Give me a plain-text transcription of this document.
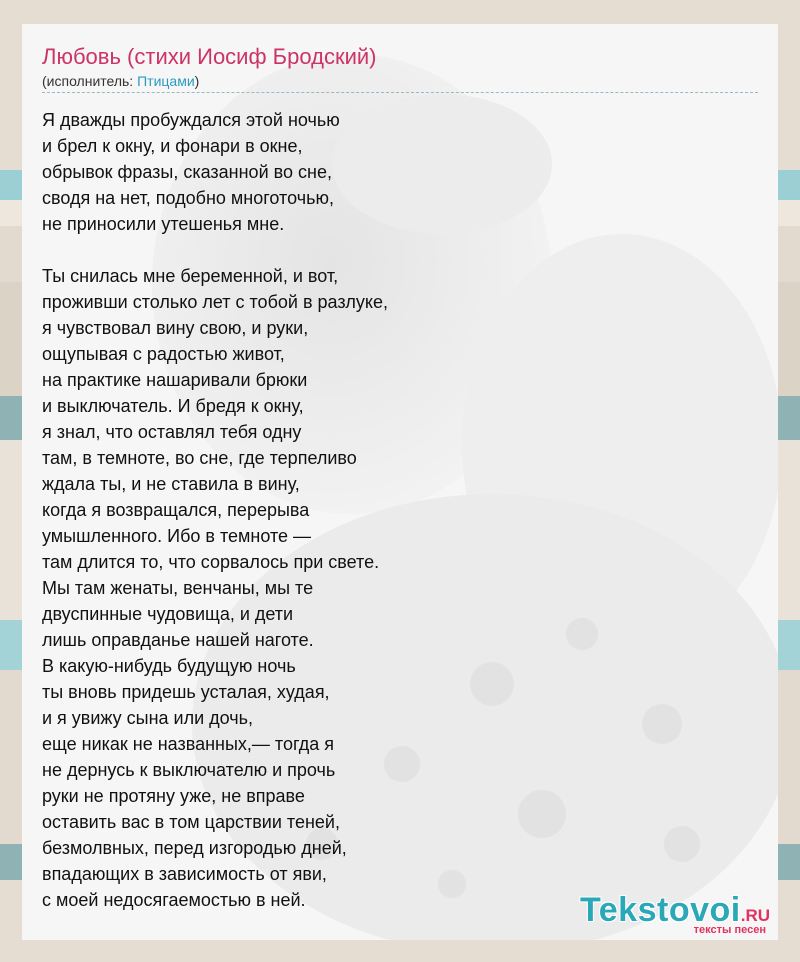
Любовь (стихи Иосиф Бродский)
(исполнитель: Птицами)
Я дважды пробуждался этой ночью
и брел к окну, и фонари в окне,
обрывок фразы, сказанной во сне,
сводя на нет, подобно многоточью,
не приносили утешенья мне.
Ты снилась мне беременной, и вот,
проживши столько лет с тобой в разлуке,
я чувствовал вину свою, и руки,
ощупывая с радостью живот,
на практике нашаривали брюки
и выключатель. И бредя к окну,
я знал, что оставлял тебя одну
там, в темноте, во сне, где терпеливо
ждала ты, и не ставила в вину,
когда я возвращался, перерыва
умышленного. Ибо в темноте —
там длится то, что сорвалось при свете.
Мы там женаты, венчаны, мы те
двуспинные чудовища, и дети
лишь оправданье нашей наготе.
В какую-нибудь будущую ночь
ты вновь придешь усталая, худая,
и я увижу сына или дочь,
еще никак не названных,— тогда я
не дернусь к выключателю и прочь
руки не протяну уже, не вправе
оставить вас в том царствии теней,
безмолвных, перед изгородью дней,
впадающих в зависимость от яви,
с моей недосягаемостью в ней.	Tekstovoi.RU
тексты песен
